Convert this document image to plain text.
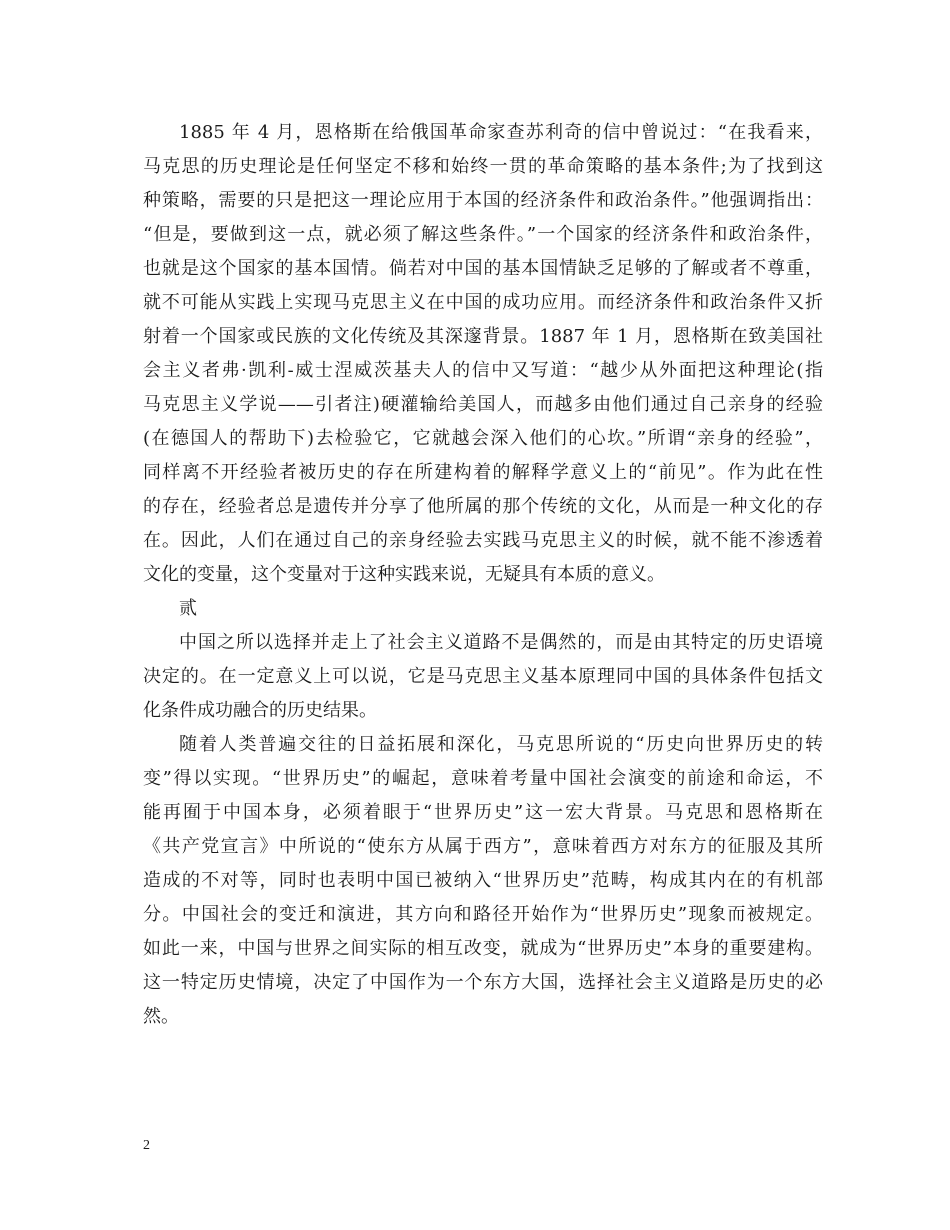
1885 年 4 月，恩格斯在给俄国革命家查苏利奇的信中曾说过：“在我看来，

马克思的历史理论是任何坚定不移和始终一贯的革命策略的基本条件;为了找到这

种策略，需要的只是把这一理论应用于本国的经济条件和政治条件。”他强调指出：

“但是，要做到这一点，就必须了解这些条件。”一个国家的经济条件和政治条件，

也就是这个国家的基本国情。倘若对中国的基本国情缺乏足够的了解或者不尊重，

就不可能从实践上实现马克思主义在中国的成功应用。而经济条件和政治条件又折

射着一个国家或民族的文化传统及其深邃背景。1887 年 1 月，恩格斯在致美国社

会主义者弗·凯利-威士涅威茨基夫人的信中又写道：“越少从外面把这种理论(指

马克思主义学说——引者注)硬灌输给美国人，而越多由他们通过自己亲身的经验

(在德国人的帮助下)去检验它，它就越会深入他们的心坎。”所谓“亲身的经验”，

同样离不开经验者被历史的存在所建构着的解释学意义上的“前见”。作为此在性

的存在，经验者总是遗传并分享了他所属的那个传统的文化，从而是一种文化的存

在。因此，人们在通过自己的亲身经验去实践马克思主义的时候，就不能不渗透着

文化的变量，这个变量对于这种实践来说，无疑具有本质的意义。

贰

中国之所以选择并走上了社会主义道路不是偶然的，而是由其特定的历史语境

决定的。在一定意义上可以说，它是马克思主义基本原理同中国的具体条件包括文

化条件成功融合的历史结果。

随着人类普遍交往的日益拓展和深化，马克思所说的“历史向世界历史的转

变”得以实现。“世界历史”的崛起，意味着考量中国社会演变的前途和命运，不

能再囿于中国本身，必须着眼于“世界历史”这一宏大背景。马克思和恩格斯在

《共产党宣言》中所说的“使东方从属于西方”，意味着西方对东方的征服及其所

造成的不对等，同时也表明中国已被纳入“世界历史”范畴，构成其内在的有机部

分。中国社会的变迁和演进，其方向和路径开始作为“世界历史”现象而被规定。

如此一来，中国与世界之间实际的相互改变，就成为“世界历史”本身的重要建构。

这一特定历史情境，决定了中国作为一个东方大国，选择社会主义道路是历史的必

然。

2
